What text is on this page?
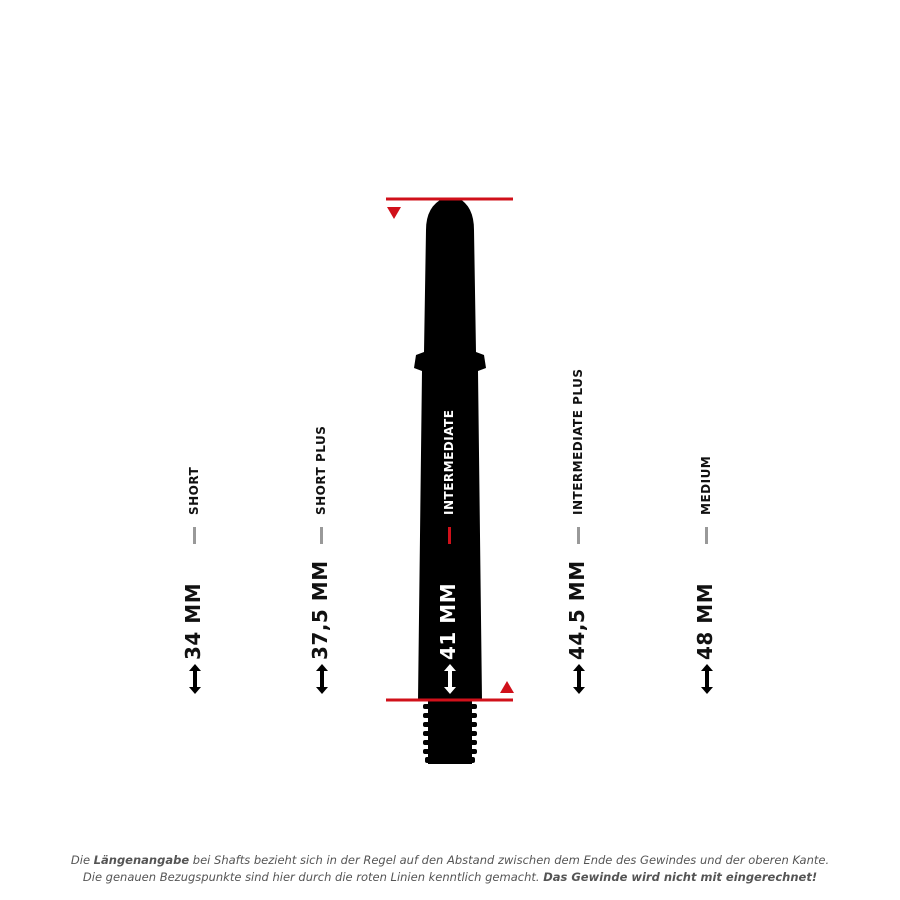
SHORT
34 MM
SHORT PLUS
37,5 MM
INTERMEDIATE
41 MM
INTERMEDIATE PLUS
44,5 MM
MEDIUM
48 MM
Die Längenangabe bei Shafts bezieht sich in der Regel auf den Abstand zwischen dem Ende des Gewindes und der oberen Kante.
Die genauen Bezugspunkte sind hier durch die roten Linien kenntlich gemacht. Das Gewinde wird nicht mit eingerechnet!
